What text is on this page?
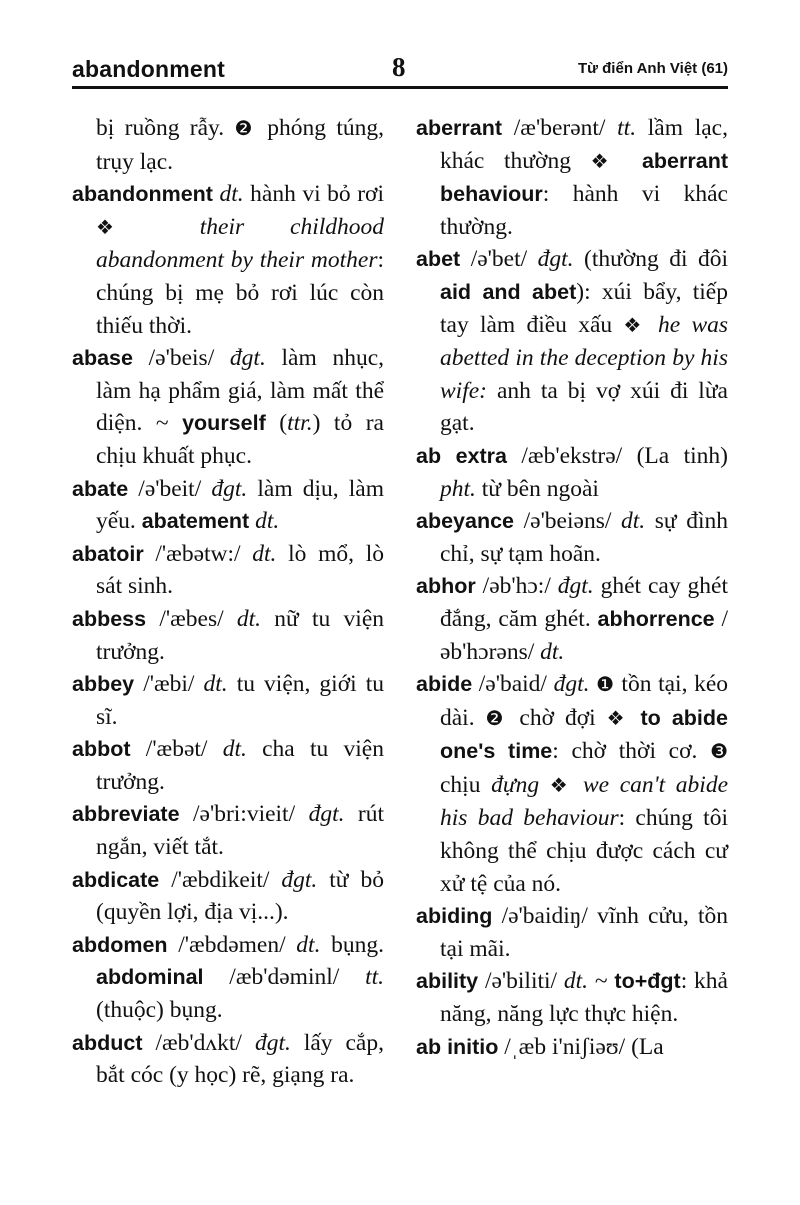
abandonment	8	Từ điển Anh Việt (61)

bị ruồng rẫy. ❷ phóng túng, trụy lạc.

abandonment dt. hành vi bỏ rơi ❖ their childhood abandonment by their mother: chúng bị mẹ bỏ rơi lúc còn thiếu thời.

abase /ə'beis/ đgt. làm nhục, làm hạ phẩm giá, làm mất thể diện. ~ yourself (ttr.) tỏ ra chịu khuất phục.

abate /ə'beit/ đgt. làm dịu, làm yếu. abatement dt.

abatoir /'æbətw:/ dt. lò mổ, lò sát sinh.

abbess /'æbes/ dt. nữ tu viện trưởng.

abbey /'æbi/ dt. tu viện, giới tu sĩ.

abbot /'æbət/ dt. cha tu viện trưởng.

abbreviate /ə'bri:vieit/ đgt. rút ngắn, viết tắt.

abdicate /'æbdikeit/ đgt. từ bỏ (quyền lợi, địa vị...).

abdomen /'æbdəmen/ dt. bụng. abdominal /æb'dəminl/ tt. (thuộc) bụng.

abduct /æb'dʌkt/ đgt. lấy cắp, bắt cóc (y học) rẽ, giạng ra.

aberrant /æ'berənt/ tt. lầm lạc, khác thường ❖ aberrant behaviour: hành vi khác thường.

abet /ə'bet/ đgt. (thường đi đôi aid and abet): xúi bẩy, tiếp tay làm điều xấu ❖ he was abetted in the deception by his wife: anh ta bị vợ xúi đi lừa gạt.

ab extra /æb'ekstrə/ (La tinh) pht. từ bên ngoài

abeyance /ə'beiəns/ dt. sự đình chỉ, sự tạm hoãn.

abhor /əb'hɔ:/ đgt. ghét cay ghét đắng, căm ghét. abhorrence /əb'hɔrəns/ dt.

abide /ə'baid/ đgt. ❶ tồn tại, kéo dài. ❷ chờ đợi ❖ to abide one's time: chờ thời cơ. ❸ chịu đựng ❖ we can't abide his bad behaviour: chúng tôi không thể chịu được cách cư xử tệ của nó.

abiding /ə'baidiŋ/ vĩnh cửu, tồn tại mãi.

ability /ə'biliti/ dt. ~ to+đgt: khả năng, năng lực thực hiện.

ab initio /ˌæb i'niʃiəʊ/ (La
